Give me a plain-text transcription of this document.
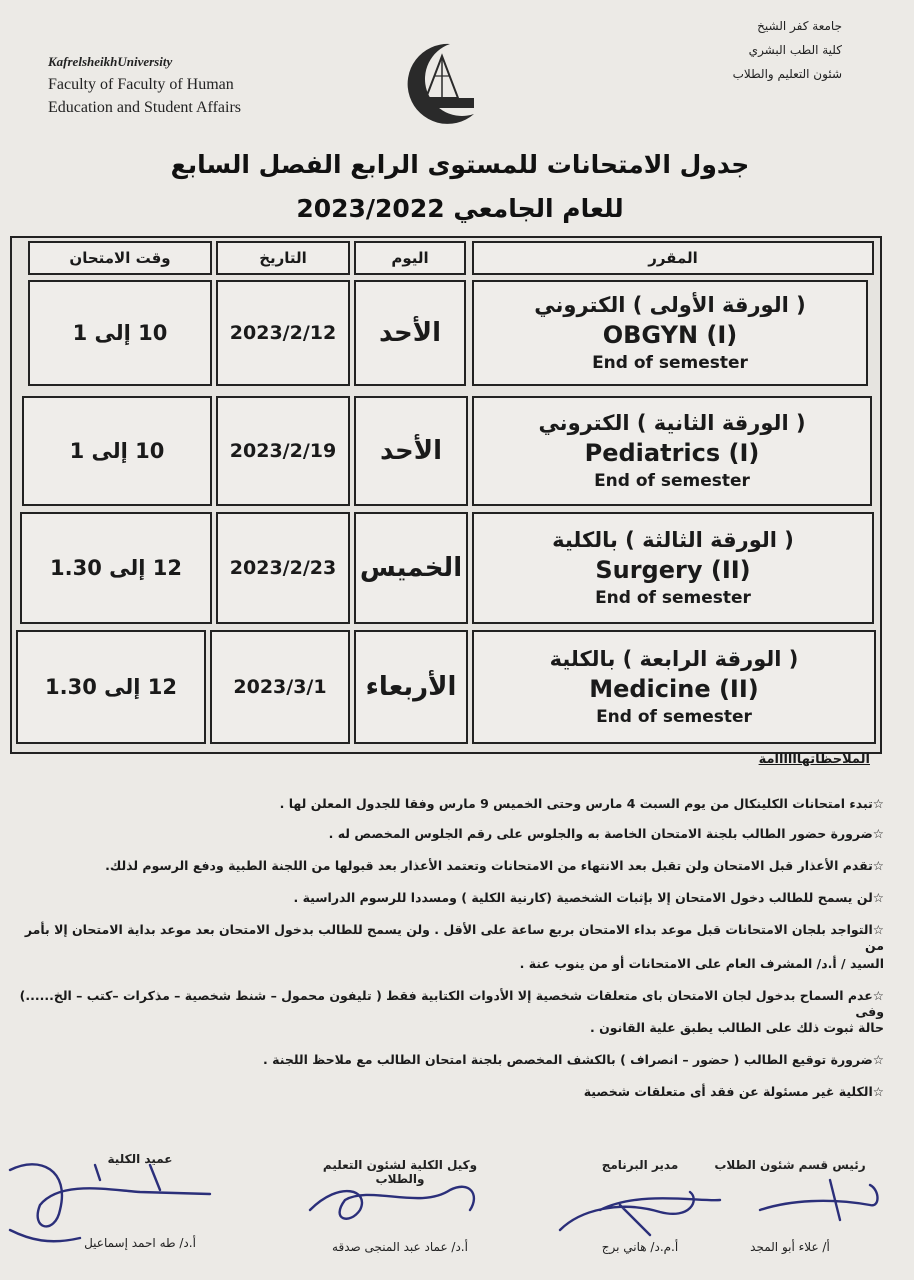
KafrelsheikhUniversity
Faculty of Faculty of Human
Education and Student Affairs
جامعة كفر الشيخ
كلية الطب البشري
شئون التعليم والطلاب
جدول الامتحانات للمستوى الرابع الفصل السابع
للعام الجامعي 2023/2022
المقرر
اليوم
التاريخ
وقت الامتحان
( الورقة الأولى ) الكتروني
OBGYN (I)
End of semester
الأحد
2023/2/12
10 إلى 1
( الورقة الثانية ) الكتروني
Pediatrics (I)
End of semester
الأحد
2023/2/19
10 إلى 1
( الورقة الثالثة ) بالكلية
Surgery (II)
End of semester
الخميس
2023/2/23
12 إلى 1.30
( الورقة الرابعة ) بالكلية
Medicine (II)
End of semester
الأربعاء
2023/3/1
12 إلى 1.30
الملاحظاتهاااااامة
☆تبدء امتحانات الكلينكال من يوم السبت 4 مارس وحتى الخميس 9 مارس وفقا للجدول المعلن لها .
☆ضرورة حضور الطالب بلجنة الامتحان الخاصة به والجلوس على رقم الجلوس المخصص له .
☆تقدم الأعذار قبل الامتحان ولن تقبل بعد الانتهاء من الامتحانات وتعتمد الأعذار بعد قبولها من اللجنة الطبية ودفع الرسوم لذلك.
☆لن يسمح للطالب دخول الامتحان إلا بإثبات الشخصية (كارنية الكلية ) ومسددا للرسوم الدراسية .
☆التواجد بلجان الامتحانات قبل موعد بداء الامتحان بربع ساعة على الأقل . ولن يسمح للطالب بدخول الامتحان بعد موعد بداية الامتحان إلا بأمر من
السيد / أ.د/ المشرف العام على الامتحانات أو من ينوب عنة .
☆عدم السماح بدخول لجان الامتحان باى متعلقات شخصية إلا الأدوات الكتابية فقط ( تليفون محمول – شنط شخصية – مذكرات –كتب – الخ......) وفى
حالة ثبوت ذلك على الطالب يطبق علية القانون .
☆ضرورة توقيع الطالب ( حضور – انصراف ) بالكشف المخصص بلجنة امتحان الطالب مع ملاحظ اللجنة .
☆الكلية غير مسئولة عن فقد أى متعلقات شخصية
عميد الكلية
أ.د/ طه احمد إسماعيل
وكيل الكلية لشئون التعليم والطلاب
أ.د/ عماد عبد المنجى صدقه
مدير البرنامج
أ.م.د/ هاني برج
رئيس قسم شئون الطلاب
أ/ علاء أبو المجد
